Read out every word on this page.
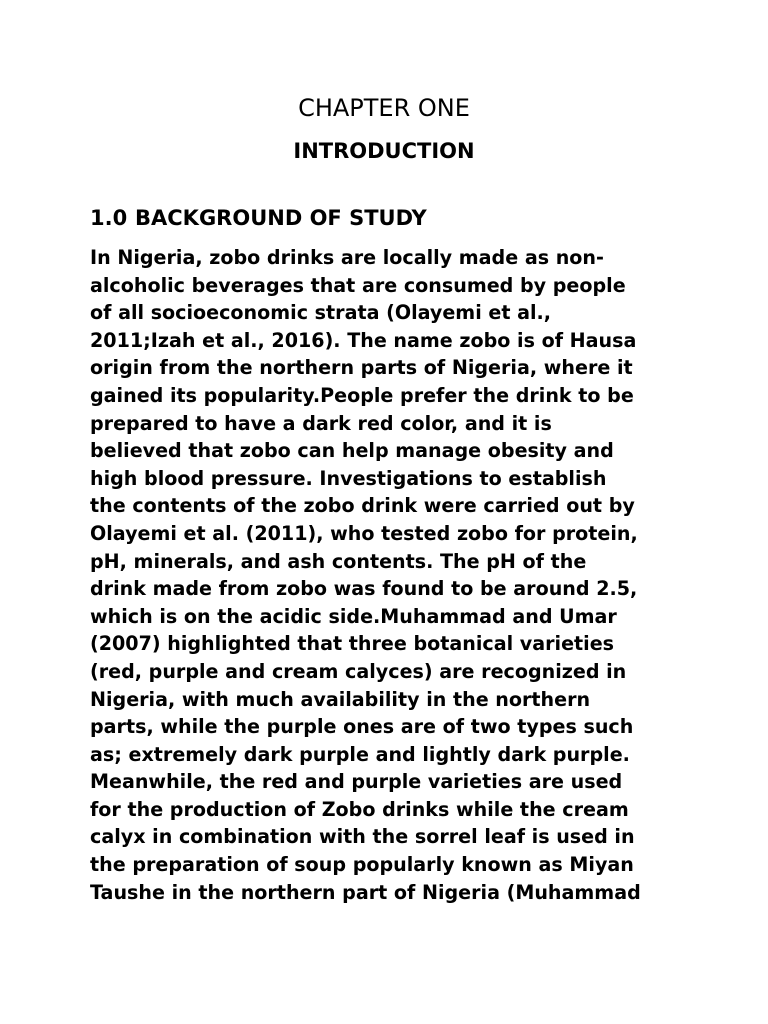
CHAPTER ONE
INTRODUCTION
1.0 BACKGROUND OF STUDY

In Nigeria, zobo drinks are locally made as non-
alcoholic beverages that are consumed by people
of all socioeconomic strata (Olayemi et al.,
2011;Izah et al., 2016). The name zobo is of Hausa
origin from the northern parts of Nigeria, where it
gained its popularity.People prefer the drink to be
prepared to have a dark red color, and it is
believed that zobo can help manage obesity and
high blood pressure. Investigations to establish
the contents of the zobo drink were carried out by
Olayemi et al. (2011), who tested zobo for protein,
pH, minerals, and ash contents. The pH of the
drink made from zobo was found to be around 2.5,
which is on the acidic side.Muhammad and Umar
(2007) highlighted that three botanical varieties
(red, purple and cream calyces) are recognized in
Nigeria, with much availability in the northern
parts, while the purple ones are of two types such
as; extremely dark purple and lightly dark purple.
Meanwhile, the red and purple varieties are used
for the production of Zobo drinks while the cream
calyx in combination with the sorrel leaf is used in
the preparation of soup popularly known as Miyan
Taushe in the northern part of Nigeria (Muhammad
